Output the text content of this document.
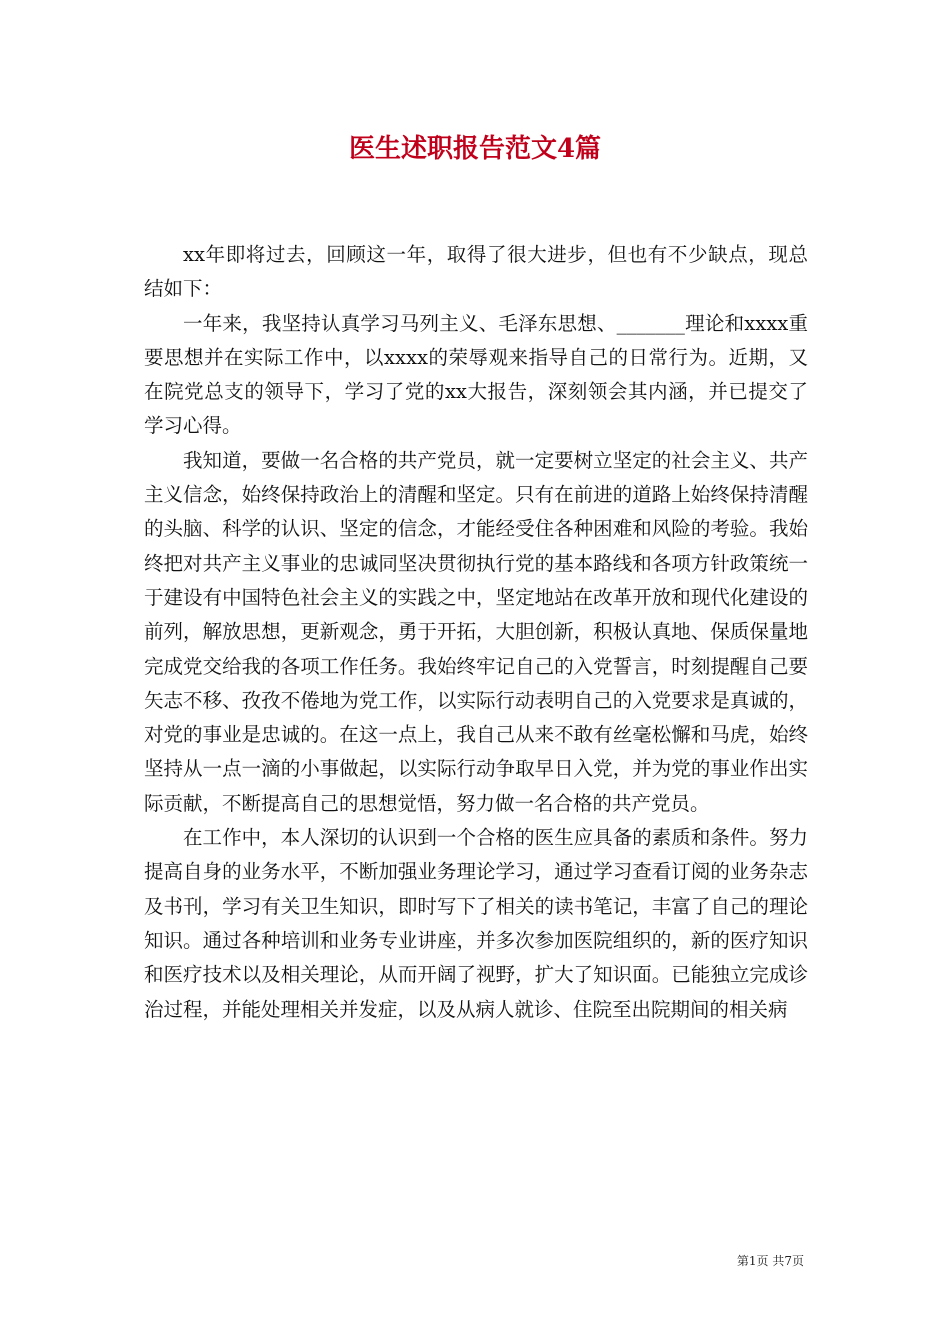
医生述职报告范文4篇

xx年即将过去，回顾这一年，取得了很大进步，但也有不少缺点，现总结如下：

一年来，我坚持认真学习马列主义、毛泽东思想、_______理论和xxxx重要思想并在实际工作中，以xxxx的荣辱观来指导自己的日常行为。近期，又在院党总支的领导下，学习了党的xx大报告，深刻领会其内涵，并已提交了学习心得。

我知道，要做一名合格的共产党员，就一定要树立坚定的社会主义、共产主义信念，始终保持政治上的清醒和坚定。只有在前进的道路上始终保持清醒的头脑、科学的认识、坚定的信念，才能经受住各种困难和风险的考验。我始终把对共产主义事业的忠诚同坚决贯彻执行党的基本路线和各项方针政策统一于建设有中国特色社会主义的实践之中，坚定地站在改革开放和现代化建设的前列，解放思想，更新观念，勇于开拓，大胆创新，积极认真地、保质保量地完成党交给我的各项工作任务。我始终牢记自己的入党誓言，时刻提醒自己要矢志不移、孜孜不倦地为党工作，以实际行动表明自己的入党要求是真诚的，对党的事业是忠诚的。在这一点上，我自己从来不敢有丝毫松懈和马虎，始终坚持从一点一滴的小事做起，以实际行动争取早日入党，并为党的事业作出实际贡献，不断提高自己的思想觉悟，努力做一名合格的共产党员。

在工作中，本人深切的认识到一个合格的医生应具备的素质和条件。努力提高自身的业务水平，不断加强业务理论学习，通过学习查看订阅的业务杂志及书刊，学习有关卫生知识，即时写下了相关的读书笔记，丰富了自己的理论知识。通过各种培训和业务专业讲座，并多次参加医院组织的，新的医疗知识和医疗技术以及相关理论，从而开阔了视野，扩大了知识面。已能独立完成诊治过程，并能处理相关并发症，以及从病人就诊、住院至出院期间的相关病

第1页 共7页
